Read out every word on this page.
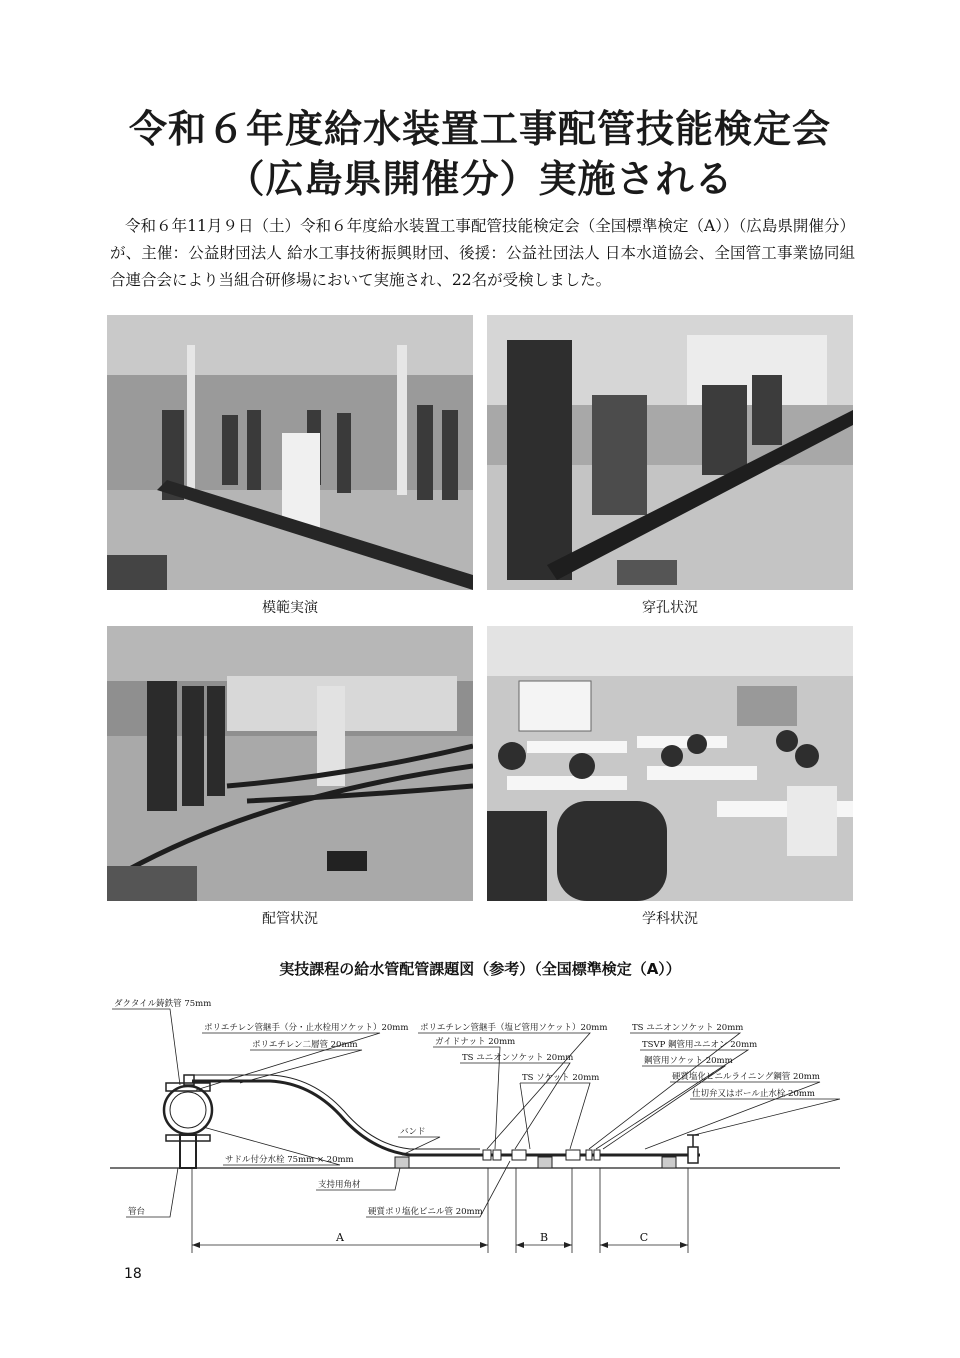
令和６年度給水装置工事配管技能検定会
（広島県開催分）実施される
令和６年11月９日（土）令和６年度給水装置工事配管技能検定会（全国標準検定（A））（広島県開催分）が、主催：公益財団法人 給水工事技術振興財団、後援：公益社団法人 日本水道協会、全国管工事業協同組合連合会により当組合研修場において実施され、22名が受検しました。
模範実演	穿孔状況
配管状況	学科状況
実技課程の給水管配管課題図（参考）（全国標準検定（A））
ダクタイル鋳鉄管 75mm
ポリエチレン管継手（分・止水栓用ソケット）20mm
ポリエチレン二層管 20mm
ポリエチレン管継手（塩ビ管用ソケット）20mm
ガイドナット 20mm
TS ユニオンソケット 20mm
TS ソケット 20mm
TS ユニオンソケット 20mm
TSVP 鋼管用ユニオン 20mm
鋼管用ソケット 20mm
硬質塩化ビニルライニング鋼管 20mm
仕切弁又はボール止水栓 20mm
バンド
サドル付分水栓 75mm × 20mm
支持用角材
硬質ポリ塩化ビニル管 20mm
管台
A	B	C
18
